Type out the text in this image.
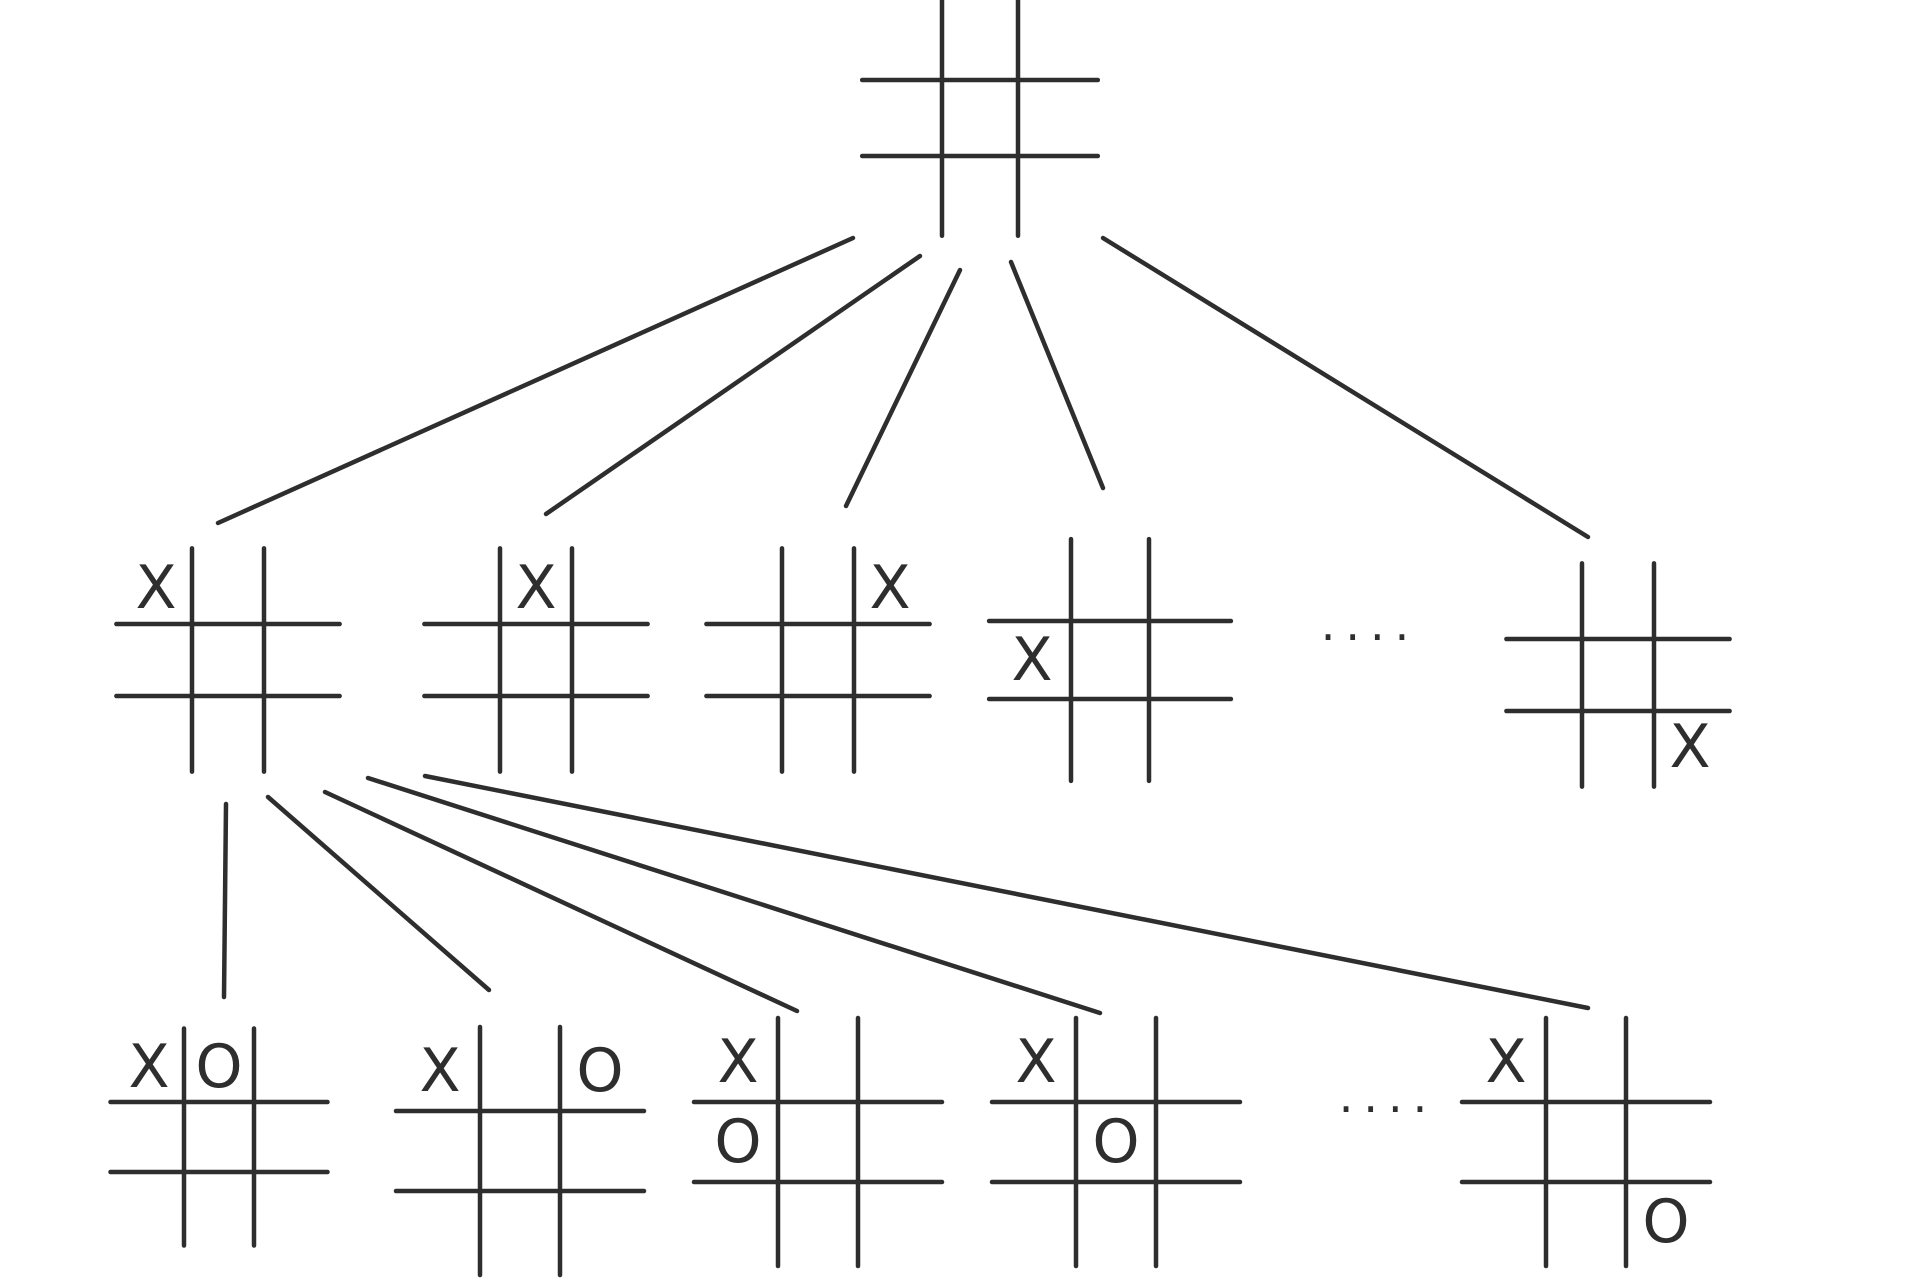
X	X	X
X
X
X O	X O X
O
X
O
X
O
....
....
